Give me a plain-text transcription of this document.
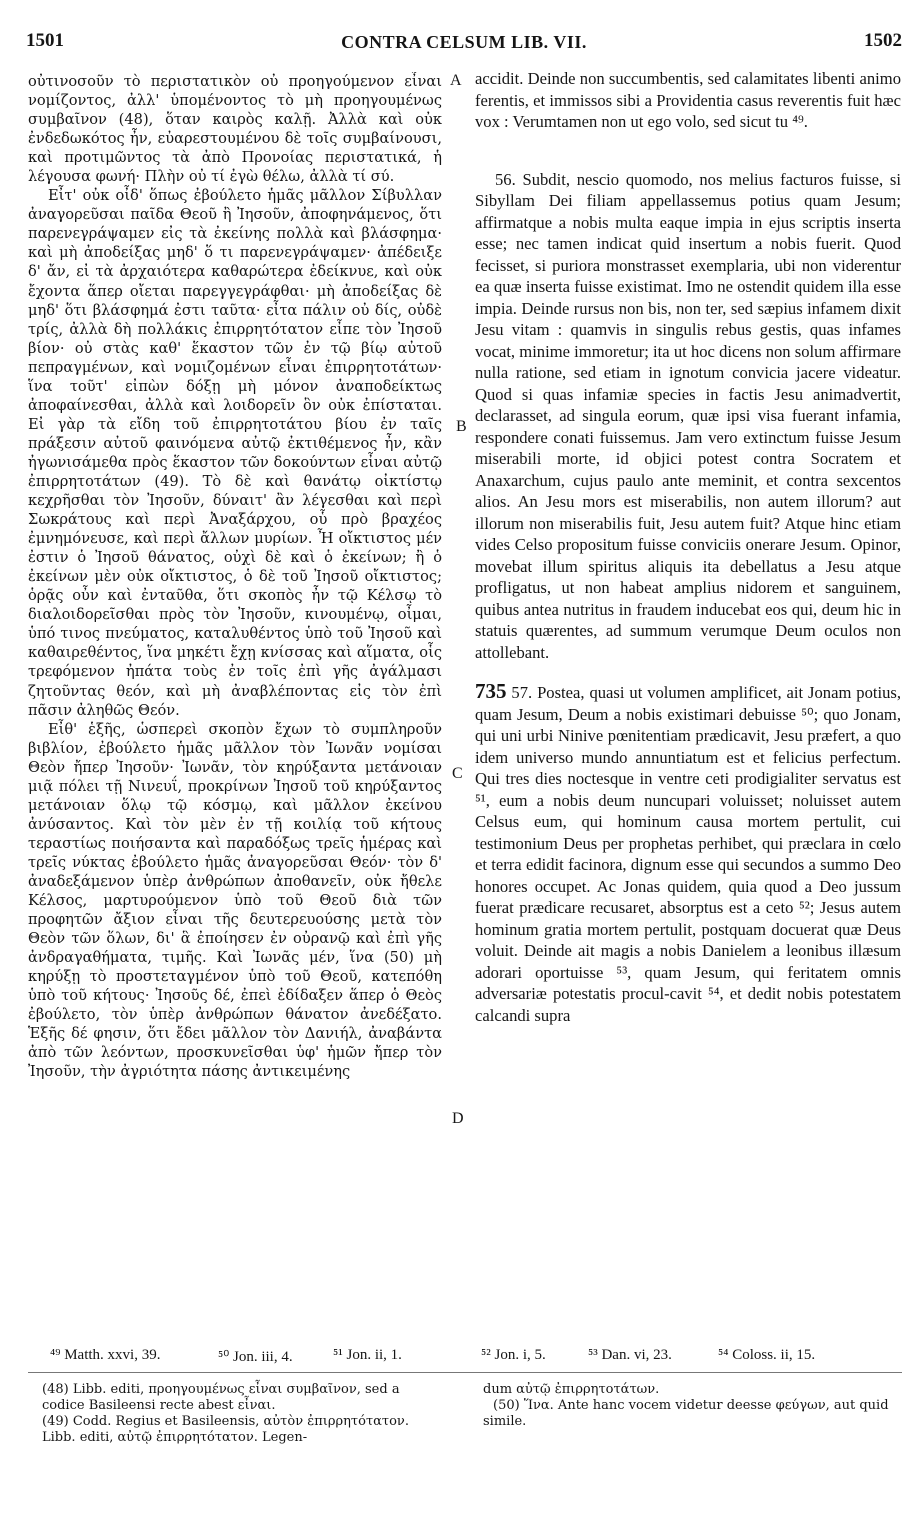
1501	CONTRA CELSUM LIB. VII.	1502

οὐτινοσοῦν τὸ περιστατικὸν οὐ προηγούμενον εἶναι νομίζοντος, ἀλλ' ὑπομένοντος τὸ μὴ προηγουμένως συμβαῖνον (48), ὅταν καιρὸς καλῇ. Ἀλλὰ καὶ οὐκ ἐνδεδωκότος ἦν, εὐαρεστουμένου δὲ τοῖς συμβαίνουσι, καὶ προτιμῶντος τὰ ἀπὸ Προνοίας περιστατικά, ἡ λέγουσα φωνή· Πλὴν οὐ τί ἐγὼ θέλω, ἀλλὰ τί σύ.

Εἶτ' οὐκ οἶδ' ὅπως ἐβούλετο ἡμᾶς μᾶλλον Σίβυλλαν ἀναγορεῦσαι παῖδα Θεοῦ ἢ Ἰησοῦν, ἀποφηνάμενος, ὅτι παρενεγράψαμεν εἰς τὰ ἐκείνης πολλὰ καὶ βλάσφημα· καὶ μὴ ἀποδείξας μηδ' ὅ τι παρενεγράψαμεν· ἀπέδειξε δ' ἄν, εἰ τὰ ἀρχαιότερα καθαρώτερα ἐδείκνυε, καὶ οὐκ ἔχοντα ἅπερ οἴεται παρεγγεγράφθαι· μὴ ἀποδείξας δὲ μηδ' ὅτι βλάσφημά ἐστι ταῦτα· εἶτα πάλιν οὐ δίς, οὐδὲ τρίς, ἀλλὰ δὴ πολλάκις ἐπιρρητότατον εἶπε τὸν Ἰησοῦ βίον· οὐ στὰς καθ' ἕκαστον τῶν ἐν τῷ βίῳ αὐτοῦ πεπραγμένων, καὶ νομιζομένων εἶναι ἐπιρρητοτάτων· ἵνα τοῦτ' εἰπὼν δόξῃ μὴ μόνον ἀναποδείκτως ἀποφαίνεσθαι, ἀλλὰ καὶ λοιδορεῖν ὃν οὐκ ἐπίσταται. Εἰ γὰρ τὰ εἴδη τοῦ ἐπιρρητοτάτου βίου ἐν ταῖς πράξεσιν αὐτοῦ φαινόμενα αὐτῷ ἐκτιθέμενος ἦν, κἂν ἠγωνισάμεθα πρὸς ἕκαστον τῶν δοκούντων εἶναι αὐτῷ ἐπιρρητοτάτων (49). Τὸ δὲ καὶ θανάτῳ οἰκτίστῳ κεχρῆσθαι τὸν Ἰησοῦν, δύναιτ' ἂν λέγεσθαι καὶ περὶ Σωκράτους καὶ περὶ Ἀναξάρχου, οὗ πρὸ βραχέος ἐμνημόνευσε, καὶ περὶ ἄλλων μυρίων. Ἦ οἴκτιστος μέν ἐστιν ὁ Ἰησοῦ θάνατος, οὐχὶ δὲ καὶ ὁ ἐκείνων; ἢ ὁ ἐκείνων μὲν οὐκ οἴκτιστος, ὁ δὲ τοῦ Ἰησοῦ οἴκτιστος; ὁρᾷς οὖν καὶ ἐνταῦθα, ὅτι σκοπὸς ἦν τῷ Κέλσῳ τὸ διαλοιδορεῖσθαι πρὸς τὸν Ἰησοῦν, κινουμένῳ, οἶμαι, ὑπό τινος πνεύματος, καταλυθέντος ὑπὸ τοῦ Ἰησοῦ καὶ καθαιρεθέντος, ἵνα μηκέτι ἔχῃ κνίσσας καὶ αἵματα, οἷς τρεφόμενον ἠπάτα τοὺς ἐν τοῖς ἐπὶ γῆς ἀγάλμασι ζητοῦντας θεόν, καὶ μὴ ἀναβλέποντας εἰς τὸν ἐπὶ πᾶσιν ἀληθῶς Θεόν.

Εἶθ' ἑξῆς, ὡσπερεὶ σκοπὸν ἔχων τὸ συμπληροῦν βιβλίον, ἐβούλετο ἡμᾶς μᾶλλον τὸν Ἰωνᾶν νομίσαι Θεὸν ἤπερ Ἰησοῦν· Ἰωνᾶν, τὸν κηρύξαντα μετάνοιαν μιᾷ πόλει τῇ Νινευΐ, προκρίνων Ἰησοῦ τοῦ κηρύξαντος μετάνοιαν ὅλῳ τῷ κόσμῳ, καὶ μᾶλλον ἐκείνου ἀνύσαντος. Καὶ τὸν μὲν ἐν τῇ κοιλίᾳ τοῦ κήτους τεραστίως ποιήσαντα καὶ παραδόξως τρεῖς ἡμέρας καὶ τρεῖς νύκτας ἐβούλετο ἡμᾶς ἀναγορεῦσαι Θεόν· τὸν δ' ἀναδεξάμενον ὑπὲρ ἀνθρώπων ἀποθανεῖν, οὐκ ἤθελε Κέλσος, μαρτυρούμενον ὑπὸ τοῦ Θεοῦ διὰ τῶν προφητῶν ἄξιον εἶναι τῆς δευτερευούσης μετὰ τὸν Θεὸν τῶν ὅλων, δι' ἃ ἐποίησεν ἐν οὐρανῷ καὶ ἐπὶ γῆς ἀνδραγαθήματα, τιμῆς. Καὶ Ἰωνᾶς μέν, ἵνα (50) μὴ κηρύξῃ τὸ προστεταγμένον ὑπὸ τοῦ Θεοῦ, κατεπόθη ὑπὸ τοῦ κήτους· Ἰησοῦς δέ, ἐπεὶ ἐδίδαξεν ἅπερ ὁ Θεὸς ἐβούλετο, τὸν ὑπὲρ ἀνθρώπων θάνατον ἀνεδέξατο. Ἑξῆς δέ φησιν, ὅτι ἔδει μᾶλλον τὸν Δανιήλ, ἀναβάντα ἀπὸ τῶν λεόντων, προσκυνεῖσθαι ὑφ' ἡμῶν ἤπερ τὸν Ἰησοῦν, τὴν ἀγριότητα πάσης ἀντικειμένης

accidit. Deinde non succumbentis, sed calamitates libenti animo ferentis, et immissos sibi a Providentia casus reverentis fuit hæc vox : Verumtamen non ut ego volo, sed sicut tu ⁴⁹.

56. Subdit, nescio quomodo, nos melius facturos fuisse, si Sibyllam Dei filiam appellassemus potius quam Jesum; affirmatque a nobis multa eaque impia in ejus scriptis inserta esse; nec tamen indicat quid insertum a nobis fuerit. Quod fecisset, si puriora monstrasset exemplaria, ubi non viderentur ea quæ inserta fuisse existimat. Imo ne ostendit quidem illa esse impia. Deinde rursus non bis, non ter, sed sæpius infamem dixit Jesu vitam : quamvis in singulis rebus gestis, quas infames vocat, minime immoretur; ita ut hoc dicens non solum affirmare nulla ratione, sed etiam in ignotum convicia jacere videatur. Quod si quas infamiæ species in factis Jesu animadvertit, declarasset, ad singula eorum, quæ ipsi visa fuerant infamia, respondere conati fuissemus. Jam vero extinctum fuisse Jesum miserabili morte, id objici potest contra Socratem et Anaxarchum, cujus paulo ante meminit, et contra sexcentos alios. An Jesu mors est miserabilis, non autem illorum? aut illorum non miserabilis fuit, Jesu autem fuit? Atque hinc etiam vides Celso propositum fuisse conviciis onerare Jesum. Opinor, movebat illum spiritus aliquis ita debellatus a Jesu atque profligatus, ut non habeat amplius nidorem et sanguinem, quibus antea nutritus in fraudem inducebat eos qui, deum hic in statuis quærentes, ad summum verumque Deum oculos non attollebant.

735 57. Postea, quasi ut volumen amplificet, ait Jonam potius, quam Jesum, Deum a nobis existimari debuisse ⁵⁰; quo Jonam, qui uni urbi Ninive pœnitentiam prædicavit, Jesu præfert, a quo idem universo mundo annuntiatum est et felicius perfectum. Qui tres dies noctesque in ventre ceti prodigialiter servatus est ⁵¹, eum a nobis deum nuncupari voluisset; noluisset autem Celsus eum, qui hominum causa mortem pertulit, cui testimonium Deus per prophetas perhibet, qui præclara in cœlo et terra edidit facinora, dignum esse qui secundos a summo Deo honores occupet. Ac Jonas quidem, quia quod a Deo jussum fuerat prædicare recusaret, absorptus est a ceto ⁵²; Jesus autem hominum gratia mortem pertulit, postquam docuerat quæ Deus voluit. Deinde ait magis a nobis Danielem a leonibus illæsum adorari oportuisse ⁵³, quam Jesum, qui feritatem omnis adversariæ potestatis procul-cavit ⁵⁴, et dedit nobis potestatem calcandi supra

A
B
C
D
⁴⁹ Matth. xxvi, 39.	⁵⁰ Jon. iii, 4.	⁵¹ Jon. ii, 1.	⁵² Jon. i, 5.	⁵³ Dan. vi, 23.	⁵⁴ Coloss. ii, 15.

(48) Libb. editi, προηγουμένως εἶναι συμβαῖνον, sed a codice Basileensi recte abest εἶναι.

(49) Codd. Regius et Basileensis, αὐτὸν ἐπιρρητότατον. Libb. editi, αὐτῷ ἐπιρρητότατον. Legen-

dum αὐτῷ ἐπιρρητοτάτων.

(50) Ἵνα. Ante hanc vocem videtur deesse φεύγων, aut quid simile.
